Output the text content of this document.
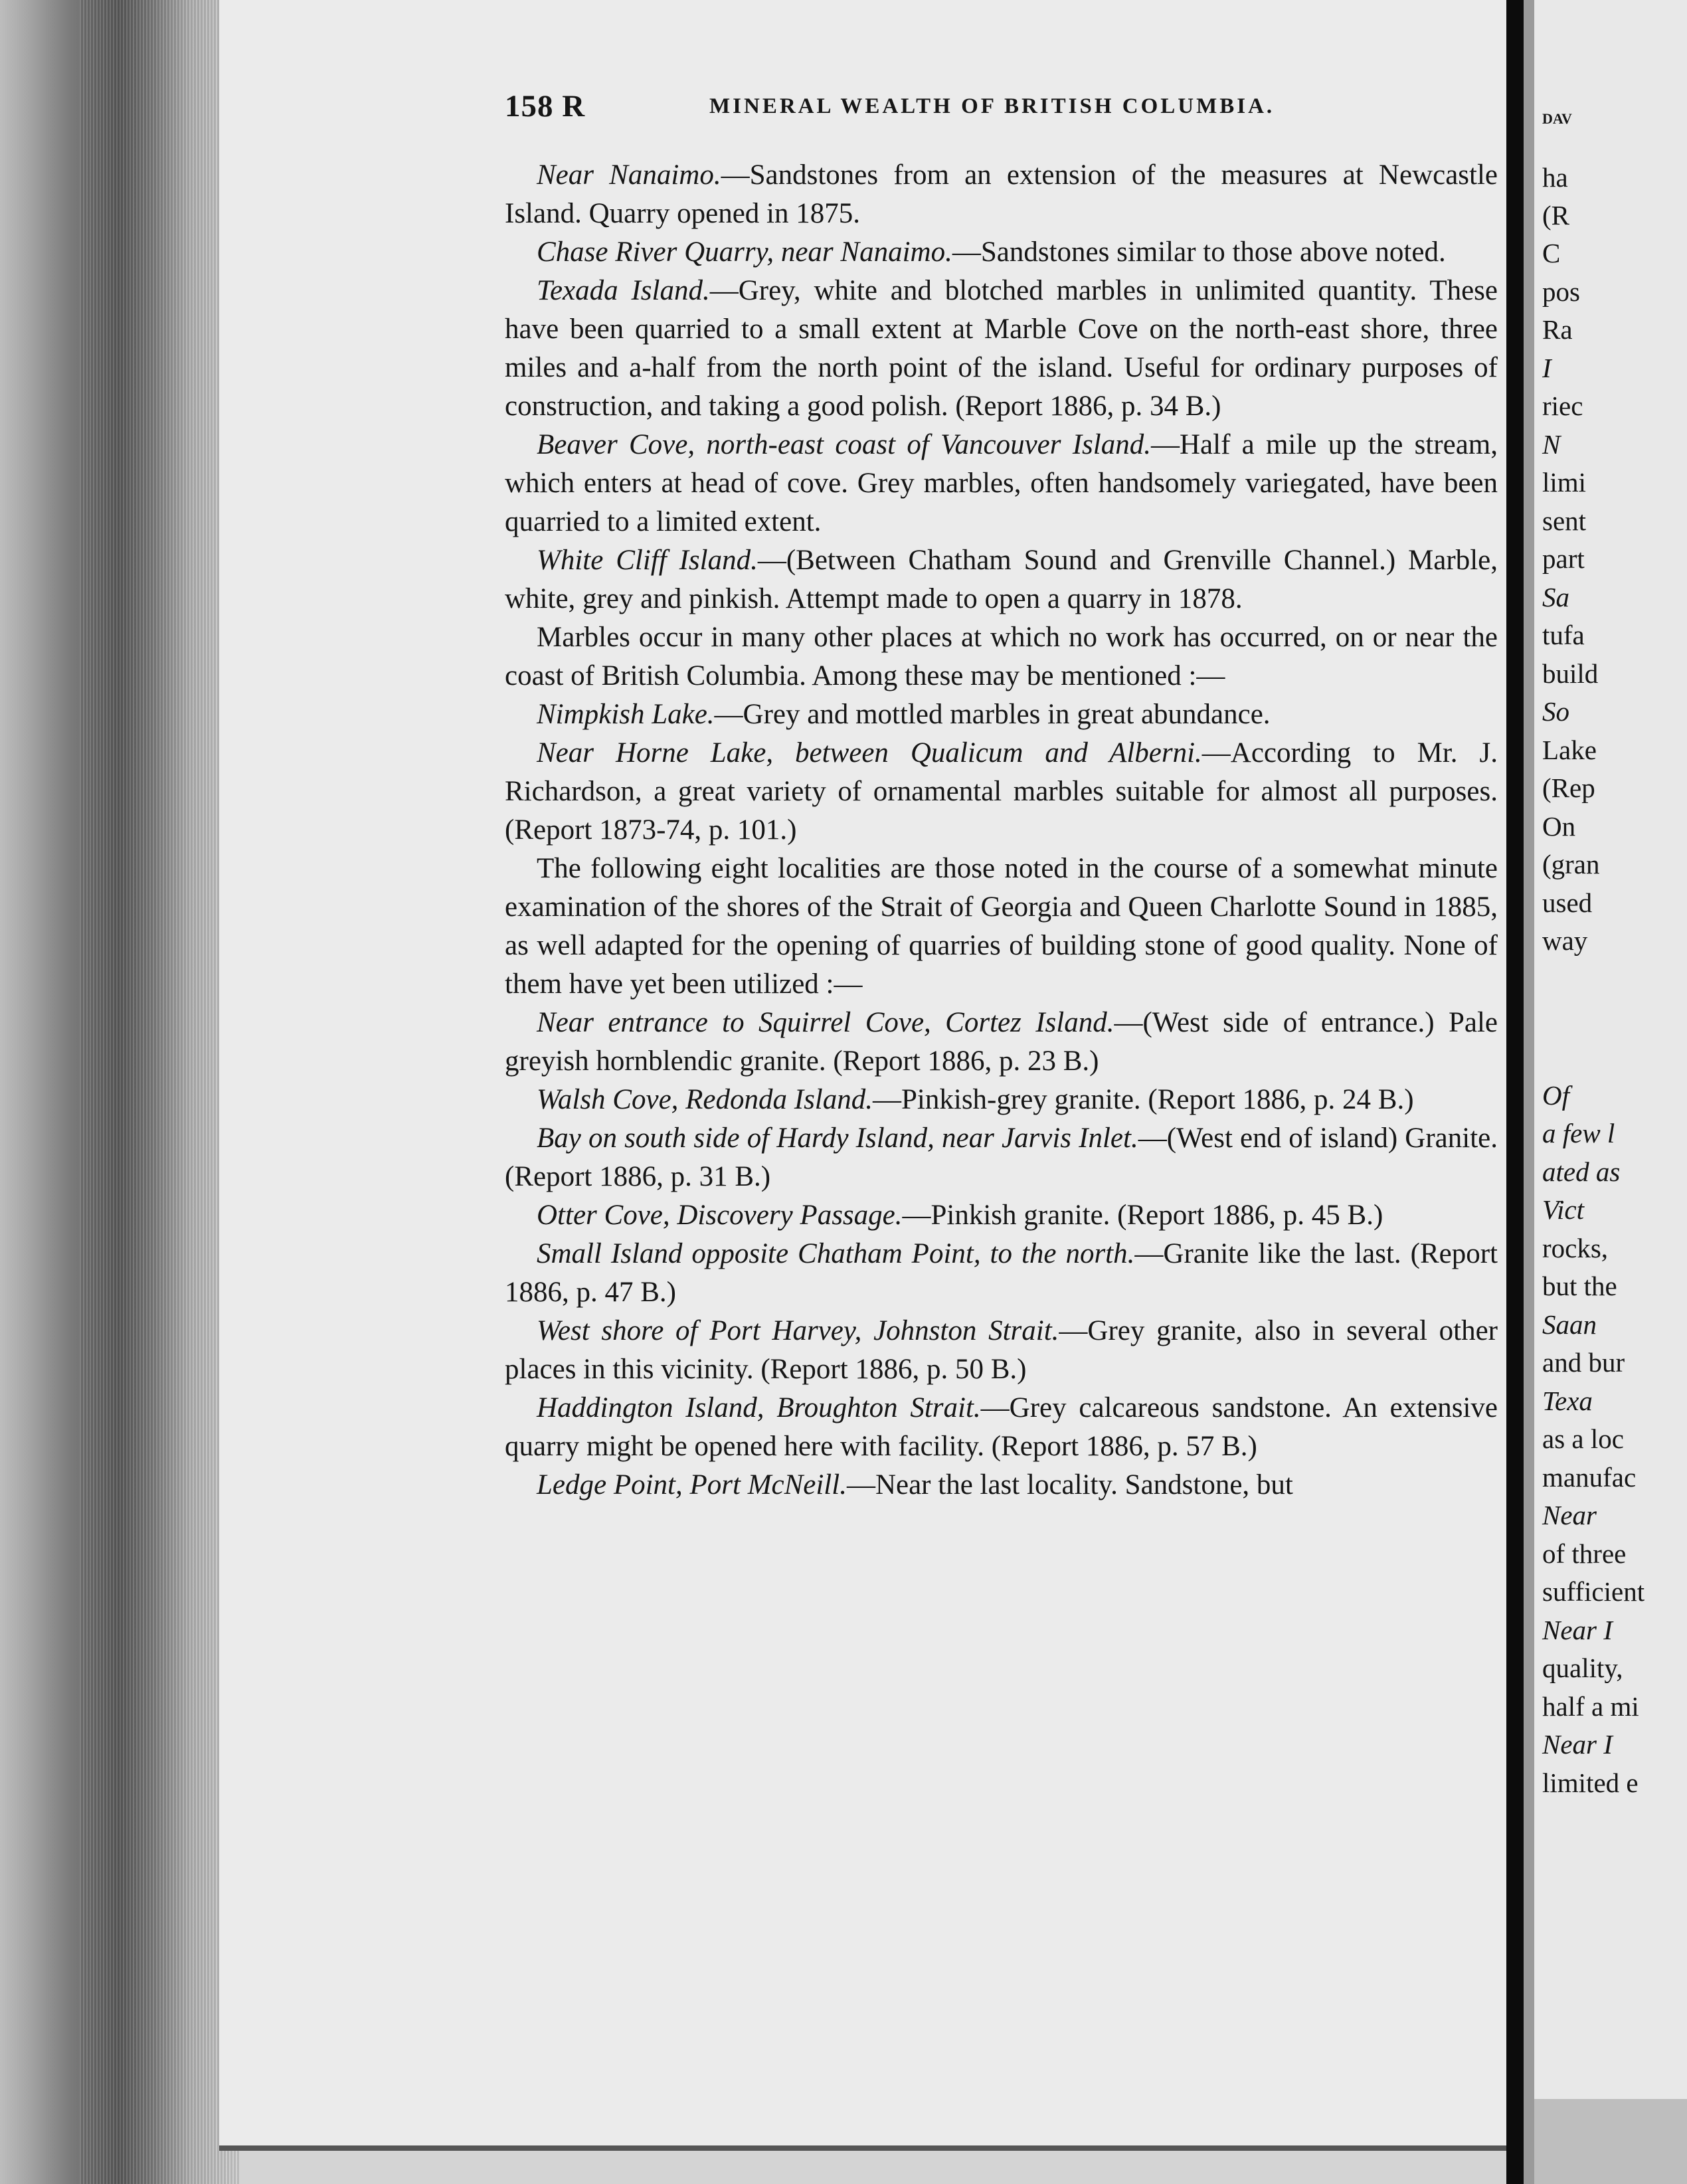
158 R	MINERAL WEALTH OF BRITISH COLUMBIA.

Near Nanaimo.—Sandstones from an extension of the measures at Newcastle Island. Quarry opened in 1875.

Chase River Quarry, near Nanaimo.—Sandstones similar to those above noted.

Texada Island.—Grey, white and blotched marbles in unlimited quantity. These have been quarried to a small extent at Marble Cove on the north-east shore, three miles and a-half from the north point of the island. Useful for ordinary purposes of construction, and taking a good polish. (Report 1886, p. 34 B.)

Beaver Cove, north-east coast of Vancouver Island.—Half a mile up the stream, which enters at head of cove. Grey marbles, often handsomely variegated, have been quarried to a limited extent.

White Cliff Island.—(Between Chatham Sound and Grenville Channel.) Marble, white, grey and pinkish. Attempt made to open a quarry in 1878.

Marbles occur in many other places at which no work has occurred, on or near the coast of British Columbia. Among these may be mentioned :—

Nimpkish Lake.—Grey and mottled marbles in great abundance.

Near Horne Lake, between Qualicum and Alberni.—According to Mr. J. Richardson, a great variety of ornamental marbles suitable for almost all purposes. (Report 1873-74, p. 101.)

The following eight localities are those noted in the course of a somewhat minute examination of the shores of the Strait of Georgia and Queen Charlotte Sound in 1885, as well adapted for the opening of quarries of building stone of good quality. None of them have yet been utilized :—

Near entrance to Squirrel Cove, Cortez Island.—(West side of entrance.) Pale greyish hornblendic granite. (Report 1886, p. 23 B.)

Walsh Cove, Redonda Island.—Pinkish-grey granite. (Report 1886, p. 24 B.)

Bay on south side of Hardy Island, near Jarvis Inlet.—(West end of island) Granite. (Report 1886, p. 31 B.)

Otter Cove, Discovery Passage.—Pinkish granite. (Report 1886, p. 45 B.)

Small Island opposite Chatham Point, to the north.—Granite like the last. (Report 1886, p. 47 B.)

West shore of Port Harvey, Johnston Strait.—Grey granite, also in several other places in this vicinity. (Report 1886, p. 50 B.)

Haddington Island, Broughton Strait.—Grey calcareous sandstone. An extensive quarry might be opened here with facility. (Report 1886, p. 57 B.)

Ledge Point, Port McNeill.—Near the last locality. Sandstone, but

DAV
ha
(R
C
pos
Ra
I
riec
N
limi
sent
part
Sa
tufa
build
So
Lake
(Rep
On
(gran
used
way
Of
a few l
ated as
Vict
rocks,
but the
Saan
and bur
Texa
as a loc
manufac
Near
of three
sufficient
Near I
quality,
half a mi
Near I
limited e
